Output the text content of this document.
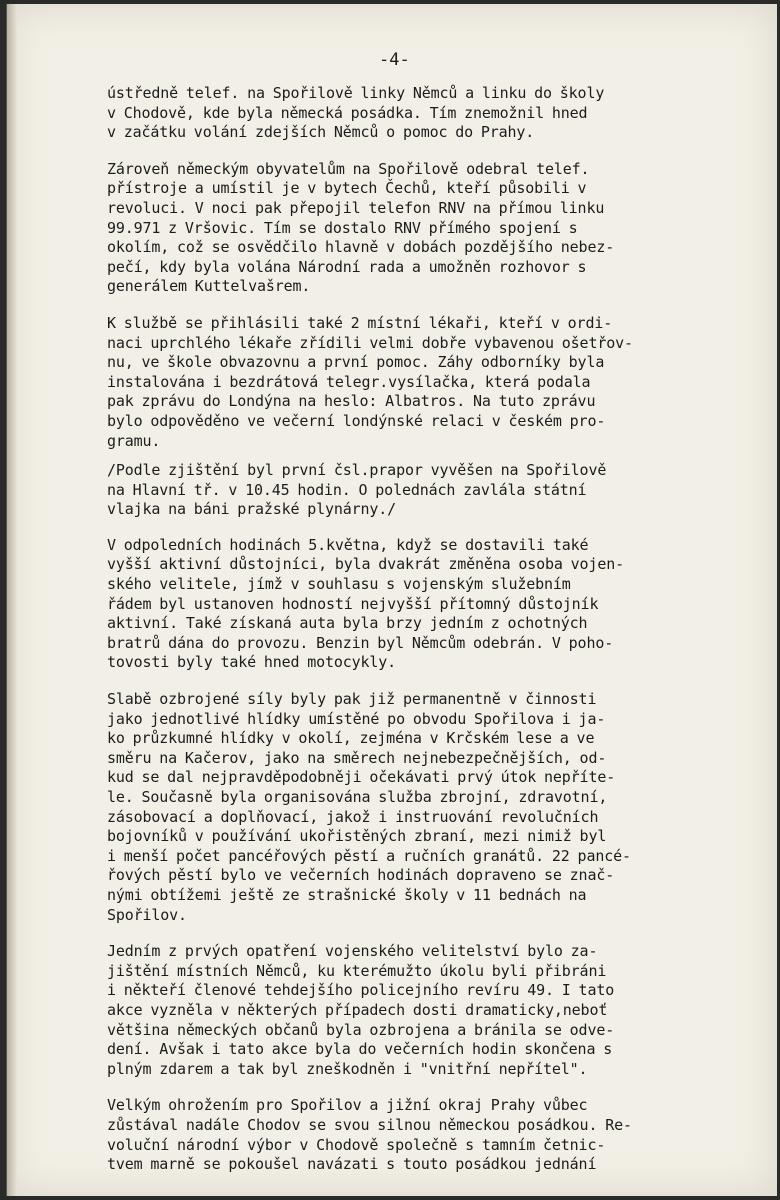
-4-

ústředně telef. na Spořilově linky Němců a linku do školy
v Chodově, kde byla německá posádka. Tím znemožnil hned
v začátku volání zdejších Němců o pomoc do Prahy.

Zároveň německým obyvatelům na Spořilově odebral telef.
přístroje a umístil je v bytech Čechů, kteří působili v
revoluci. V noci pak přepojil telefon RNV na přímou linku
99.971 z Vršovic. Tím se dostalo RNV přímého spojení s
okolím, což se osvědčilo hlavně v dobách pozdějšího nebez-
pečí, kdy byla volána Národní rada a umožněn rozhovor s
generálem Kuttelvašrem.

K službě se přihlásili také 2 místní lékaři, kteří v ordi-
naci uprchlého lékaře zřídili velmi dobře vybavenou ošetřov-
nu, ve škole obvazovnu a první pomoc. Záhy odborníky byla
instalována i bezdrátová telegr.vysílačka, která podala
pak zprávu do Londýna na heslo: Albatros. Na tuto zprávu
bylo odpověděno ve večerní londýnské relaci v českém pro-
gramu.

/Podle zjištění byl první čsl.prapor vyvěšen na Spořilově
na Hlavní tř. v 10.45 hodin. O polednách zavlála státní
vlajka na báni pražské plynárny./

V odpoledních hodinách 5.května, když se dostavili také
vyšší aktivní důstojníci, byla dvakrát změněna osoba vojen-
ského velitele, jímž v souhlasu s vojenským služebním
řádem byl ustanoven hodností nejvyšší přítomný důstojník
aktivní. Také získaná auta byla brzy jedním z ochotných
bratrů dána do provozu. Benzin byl Němcům odebrán. V poho-
tovosti byly také hned motocykly.

Slabě ozbrojené síly byly pak již permanentně v činnosti
jako jednotlivé hlídky umístěné po obvodu Spořilova i ja-
ko průzkumné hlídky v okolí, zejména v Krčském lese a ve
směru na Kačerov, jako na směrech nejnebezpečnějších, od-
kud se dal nejpravděpodobněji očekávati prvý útok nepříte-
le. Současně byla organisována služba zbrojní, zdravotní,
zásobovací a doplňovací, jakož i instruování revolučních
bojovníků v používání ukořistěných zbraní, mezi nimiž byl
i menší počet pancéřových pěstí a ručních granátů. 22 pancé-
řových pěstí bylo ve večerních hodinách dopraveno se znač-
nými obtížemi ještě ze strašnické školy v 11 bednách na
Spořilov.

Jedním z prvých opatření vojenského velitelství bylo za-
jištění místních Němců, ku kterémužto úkolu byli přibráni
i někteří členové tehdejšího policejního revíru 49. I tato
akce vyzněla v některých případech dosti dramaticky,neboť
většina německých občanů byla ozbrojena a bránila se odve-
dení. Avšak i tato akce byla do večerních hodin skončena s
plným zdarem a tak byl zneškodněn i "vnitřní nepřítel".

Velkým ohrožením pro Spořilov a jižní okraj Prahy vůbec
zůstával nadále Chodov se svou silnou německou posádkou. Re-
voluční národní výbor v Chodově společně s tamním četnic-
tvem marně se pokoušel navázati s touto posádkou jednání
